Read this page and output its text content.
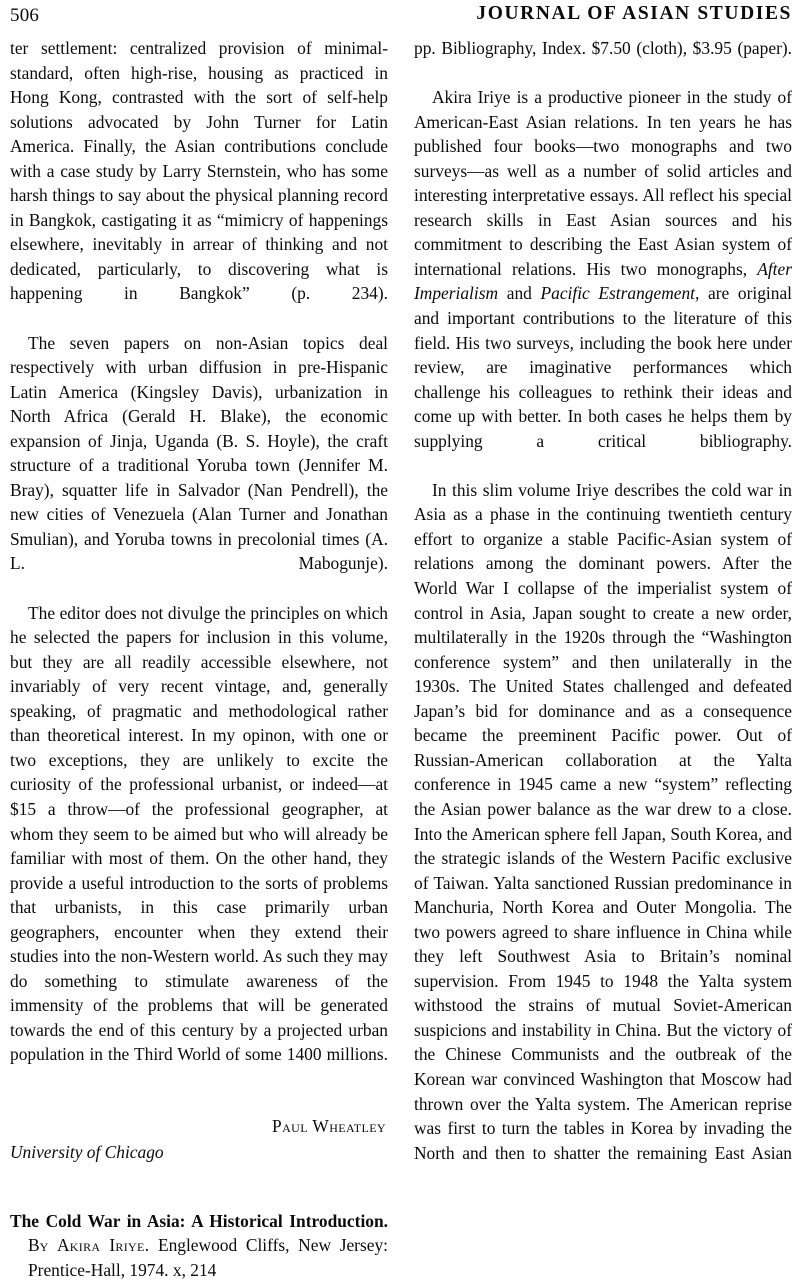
506	JOURNAL OF ASIAN STUDIES

ter settlement: centralized provision of minimal-standard, often high-rise, housing as practiced in Hong Kong, contrasted with the sort of self-help solutions advocated by John Turner for Latin America. Finally, the Asian contributions conclude with a case study by Larry Sternstein, who has some harsh things to say about the physical planning record in Bangkok, castigating it as “mimicry of happenings elsewhere, inevitably in arrear of thinking and not dedicated, particularly, to discovering what is happening in Bangkok” (p. 234).

The seven papers on non-Asian topics deal respectively with urban diffusion in pre-Hispanic Latin America (Kingsley Davis), urbanization in North Africa (Gerald H. Blake), the economic expansion of Jinja, Uganda (B. S. Hoyle), the craft structure of a traditional Yoruba town (Jennifer M. Bray), squatter life in Salvador (Nan Pendrell), the new cities of Venezuela (Alan Turner and Jonathan Smulian), and Yoruba towns in precolonial times (A. L. Mabogunje).

The editor does not divulge the principles on which he selected the papers for inclusion in this volume, but they are all readily accessible elsewhere, not invariably of very recent vintage, and, generally speaking, of pragmatic and methodological rather than theoretical interest. In my opinon, with one or two exceptions, they are unlikely to excite the curiosity of the professional urbanist, or indeed—at $15 a throw—of the professional geographer, at whom they seem to be aimed but who will already be familiar with most of them. On the other hand, they provide a useful introduction to the sorts of problems that urbanists, in this case primarily urban geographers, encounter when they extend their studies into the non-Western world. As such they may do something to stimulate awareness of the immensity of the problems that will be generated towards the end of this century by a projected urban population in the Third World of some 1400 millions.

Paul Wheatley
University of Chicago
The Cold War in Asia: A Historical Introduction. By Akira Iriye. Englewood Cliffs, New Jersey: Prentice-Hall, 1974. x, 214

pp. Bibliography, Index. $7.50 (cloth), $3.95 (paper).

Akira Iriye is a productive pioneer in the study of American-East Asian relations. In ten years he has published four books—two monographs and two surveys—as well as a number of solid articles and interesting interpretative essays. All reflect his special research skills in East Asian sources and his commitment to describing the East Asian system of international relations. His two monographs, After Imperialism and Pacific Estrangement, are original and important contributions to the literature of this field. His two surveys, including the book here under review, are imaginative performances which challenge his colleagues to rethink their ideas and come up with better. In both cases he helps them by supplying a critical bibliography.

In this slim volume Iriye describes the cold war in Asia as a phase in the continuing twentieth century effort to organize a stable Pacific-Asian system of relations among the dominant powers. After the World War I collapse of the imperialist system of control in Asia, Japan sought to create a new order, multilaterally in the 1920s through the “Washington conference system” and then unilaterally in the 1930s. The United States challenged and defeated Japan’s bid for dominance and as a consequence became the preeminent Pacific power. Out of Russian-American collaboration at the Yalta conference in 1945 came a new “system” reflecting the Asian power balance as the war drew to a close. Into the American sphere fell Japan, South Korea, and the strategic islands of the Western Pacific exclusive of Taiwan. Yalta sanctioned Russian predominance in Manchuria, North Korea and Outer Mongolia. The two powers agreed to share influence in China while they left Southwest Asia to Britain’s nominal supervision. From 1945 to 1948 the Yalta system withstood the strains of mutual Soviet-American suspicions and instability in China. But the victory of the Chinese Communists and the outbreak of the Korean war convinced Washington that Moscow had thrown over the Yalta system. The American reprise was first to turn the tables in Korea by invading the North and then to shatter the remaining East Asian
